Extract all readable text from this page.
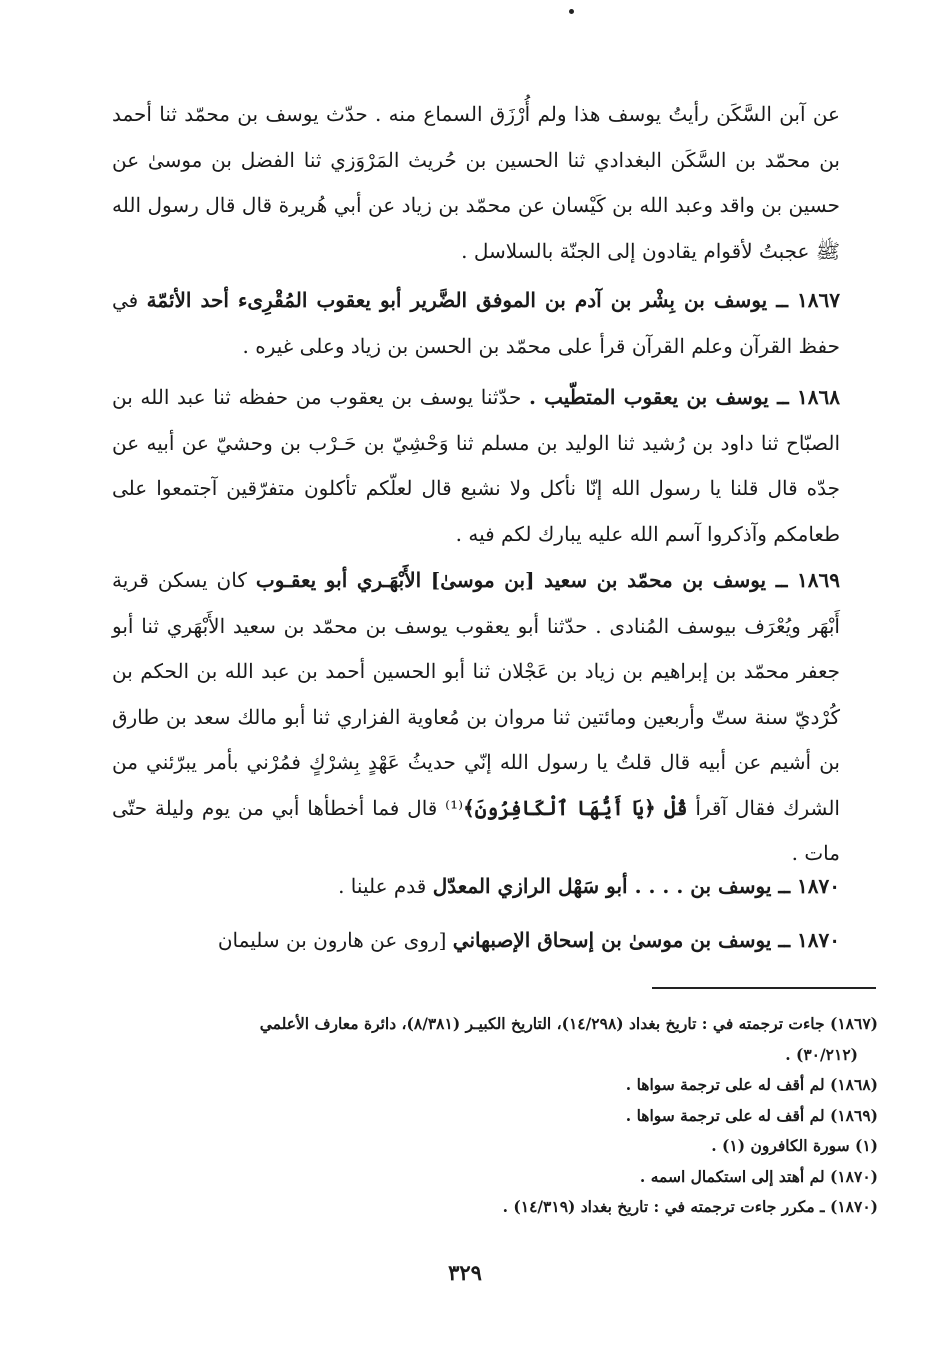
عن آبن السَّكَن رأيتُ يوسف هذا ولم أُرْزَق السماع منه . حدّث يوسف بن محمّد ثنا أحمد بن محمّد بن السَّكَن البغدادي ثنا الحسين بن حُريث المَرْوَزي ثنا الفضل بن موسىٰ عن حسين بن واقد وعبد الله بن كَيْسان عن محمّد بن زياد عن أبي هُريرة قال قال رسول الله ﷺ عجبتُ لأقوام يقادون إلى الجنّة بالسلاسل .
١٨٦٧ ــ يوسف بن بِشْر بن آدم بن الموفق الضَّرير أبو يعقوب المُقْرِىء أحد الأئمّة في حفظ القرآن وعلم القرآن قرأ على محمّد بن الحسن بن زياد وعلى غيره .
١٨٦٨ ــ يوسف بن يعقوب المتطّيب . حدّثنا يوسف بن يعقوب من حفظه ثنا عبد الله بن الصبّاح ثنا داود بن رُشيد ثنا الوليد بن مسلم ثنا وَحْشِيّ بن حَـرْب بن وحشيّ عن أبيه عن جدّه قال قلنا يا رسول الله إنّا نأكل ولا نشبع قال لعلّكم تأكلون متفرّقين آجتمعوا على طعامكم وآذكروا آسم الله عليه يبارك لكم فيه .
١٨٦٩ ــ يوسف بن محمّد بن سعيد [بن موسىٰ] الأَبْهَـري أبو يعقـوب كان يسكن قرية أَبْهَر ويُعْرَف بيوسف المُنادى . حدّثنا أبو يعقوب يوسف بن محمّد بن سعيد الأَبْهَري ثنا أبو جعفر محمّد بن إبراهيم بن زياد بن عَجْلان ثنا أبو الحسين أحمد بن عبد الله بن الحكم بن كُرْديّ سنة ستّ وأربعين ومائتين ثنا مروان بن مُعاوية الفزاري ثنا أبو مالك سعد بن طارق بن أشيم عن أبيه قال قلتُ يا رسول الله إنّي حديثُ عَهْدٍ بِشرْكٍ فمُرْني بأمر يبرّئني من الشرك فقال آقرأ قُلْ ﴿يَا أَيُّهَا ٱلْكَافِرُونَ﴾⁽¹⁾ قال فما أخطأها أبي من يوم وليلة حتّى مات .
١٨٧٠ ــ يوسف بن . . . . أبو سَهْل الرازي المعدّل قدم علينا .
١٨٧٠ ــ يوسف بن موسىٰ بن إسحاق الإصبهاني [روى عن هارون بن سليمان
(١٨٦٧) جاءت ترجمته في : تاريخ بغداد (١٤/٢٩٨)، التاريخ الكبيـر (٨/٣٨١)، دائرة معارف الأعلمي
(٣٠/٢١٢) .
(١٨٦٨) لم أقف له على ترجمة سواها .
(١٨٦٩) لم أقف له على ترجمة سواها .
(١) سورة الكافرون (١) .
(١٨٧٠) لم أهتد إلى استكمال اسمه .
(١٨٧٠) ـ مكرر جاءت ترجمته في : تاريخ بغداد (١٤/٣١٩) .
٣٢٩
